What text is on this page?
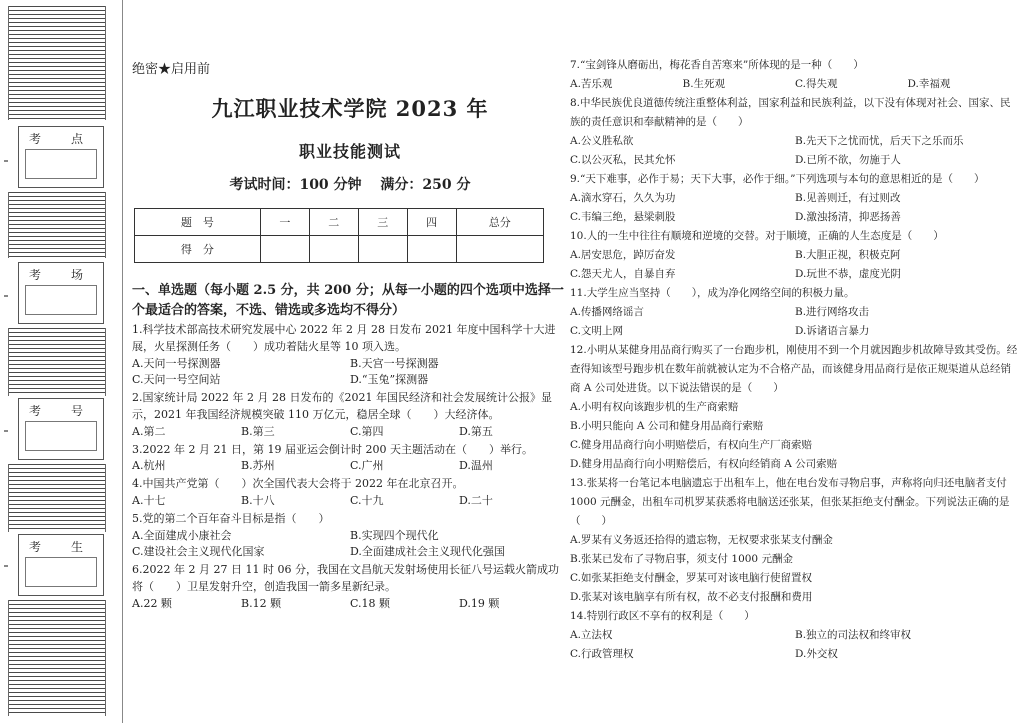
考　　点
考　　场
考　　号
考　　生
绝密★启用前
九江职业技术学院 2023 年
职业技能测试
考试时间：100 分钟　 满分：250 分
题　号	一	二	三	四	总分
得　分					
一、单选题（每小题 2.5 分，共 200 分；从每一小题的四个选项中选择一个最适合的答案，不选、错选或多选均不得分）
1.科学技术部高技术研究发展中心 2022 年 2 月 28 日发布 2021 年度中国科学十大进展，火星探测任务（　　）成功着陆火星等 10 项入选。
A.天问一号探测器	B.天宫一号探测器
C.天问一号空间站	D.“玉兔”探测器
2.国家统计局 2022 年 2 月 28 日发布的《2021 年国民经济和社会发展统计公报》显示，2021 年我国经济规模突破 110 万亿元，稳居全球（　　）大经济体。
A.第二	B.第三	C.第四	D.第五
3.2022 年 2 月 21 日，第 19 届亚运会倒计时 200 天主题活动在（　　）举行。
A.杭州	B.苏州	C.广州	D.温州
4.中国共产党第（　　）次全国代表大会将于 2022 年在北京召开。
A.十七	B.十八	C.十九	D.二十
5.党的第二个百年奋斗目标是指（　　）
A.全面建成小康社会	B.实现四个现代化
C.建设社会主义现代化国家	D.全面建成社会主义现代化强国
6.2022 年 2 月 27 日 11 时 06 分，我国在文昌航天发射场使用长征八号运载火箭成功将（　　）卫星发射升空，创造我国一箭多星新纪录。
A.22 颗	B.12 颗	C.18 颗	D.19 颗
7.“宝剑锋从磨砺出，梅花香自苦寒来”所体现的是一种（　　）
A.苦乐观	B.生死观	C.得失观	D.幸福观
8.中华民族优良道德传统注重整体利益，国家利益和民族利益，以下没有体现对社会、国家、民族的责任意识和奉献精神的是（　　）
A.公义胜私欲	B.先天下之忧而忧，后天下之乐而乐
C.以公灭私，民其允怀	D.已所不欲，勿施于人
9.“天下难事，必作于易；天下大事，必作于细。”下列选项与本句的意思相近的是（　　）
A.滴水穿石，久久为功	B.见善则迁，有过则改
C.韦编三绝，悬梁刺股	D.激浊扬清，抑恶扬善
10.人的一生中往往有顺境和逆境的交替。对于顺境，正确的人生态度是（　　）
A.居安思危，踔厉奋发	B.大胆正视，积极克阿
C.怨天尤人，自暴自弃	D.玩世不恭，虚度光阴
11.大学生应当坚持（　　），成为净化网络空间的积极力量。
A.传播网络谣言	B.进行网络攻击
C.文明上网	D.诉诸语言暴力
12.小明从某健身用品商行购买了一台跑步机，刚使用不到一个月就因跑步机故障导致其受伤。经查得知该型号跑步机在数年前就被认定为不合格产品，而该健身用品商行是依正规渠道从总经销商 A 公司处进货。以下说法错误的是（　　）
A.小明有权向该跑步机的生产商索赔
B.小明只能向 A 公司和健身用品商行索赔
C.健身用品商行向小明赔偿后，有权向生产厂商索赔
D.健身用品商行向小明赔偿后，有权向经销商 A 公司索赔
13.张某将一台笔记本电脑遗忘于出租车上，他在电台发布寻物启事，声称将向归还电脑者支付 1000 元酬金，出租车司机罗某获悉将电脑送还张某，但张某拒绝支付酬金。下列说法正确的是（　　）
A.罗某有义务返还拾得的遗忘物，无权要求张某支付酬金
B.张某已发布了寻物启事，须支付 1000 元酬金
C.如张某拒绝支付酬金，罗某可对该电脑行使留置权
D.张某对该电脑享有所有权，故不必支付报酬和费用
14.特别行政区不享有的权利是（　　）
A.立法权	B.独立的司法权和终审权
C.行政管理权	D.外交权
